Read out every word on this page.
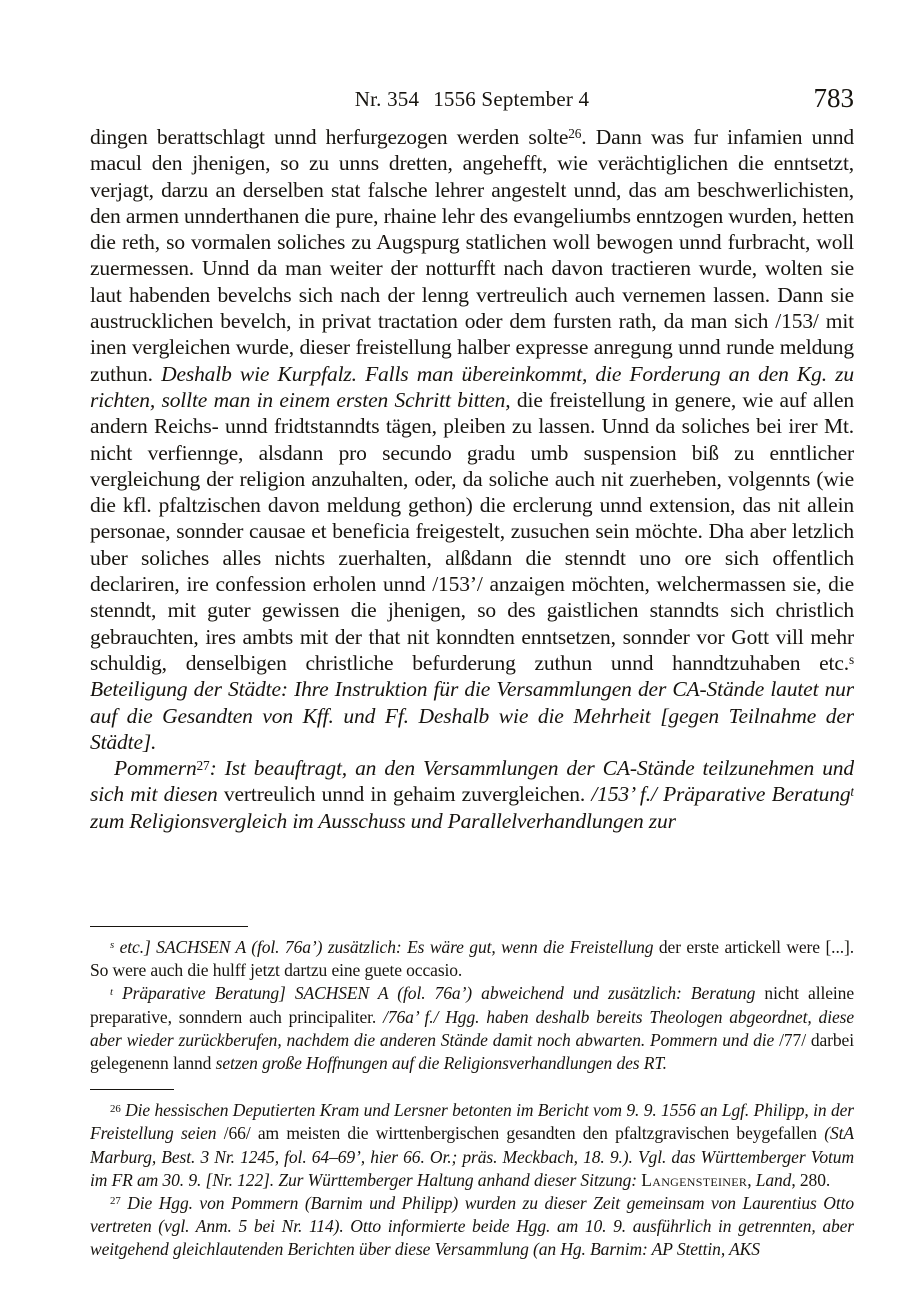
Nr. 354 1556 September 4	783

dingen berattschlagt unnd herfurgezogen werden solte$^{26}$. Dann was fur infamien unnd macul den jhenigen, so zu unns dretten, angehefft, wie verächtiglichen die enntsetzt, verjagt, darzu an derselben stat falsche lehrer angestelt unnd, das am beschwerlichisten, den armen unnderthanen die pure, rhaine lehr des evangeliumbs enntzogen wurden, hetten die reth, so vormalen soliches zu Augspurg statlichen woll bewogen unnd furbracht, woll zuermessen. Unnd da man weiter der notturfft nach davon tractieren wurde, wolten sie laut habenden bevelchs sich nach der lenng vertreulich auch vernemen lassen. Dann sie austrucklichen bevelch, in privat tractation oder dem fursten rath, da man sich /153/ mit inen vergleichen wurde, dieser freistellung halber expresse anregung unnd runde meldung zuthun. Deshalb wie Kurpfalz. Falls man übereinkommt, die Forderung an den Kg. zu richten, sollte man in einem ersten Schritt bitten, die freistellung in genere, wie auf allen andern Reichs- unnd fridtstanndts tägen, pleiben zu lassen. Unnd da soliches bei irer Mt. nicht verfiennge, alsdann pro secundo gradu umb suspension biß zu enntlicher vergleichung der religion anzuhalten, oder, da soliche auch nit zuerheben, volgennts (wie die kfl. pfaltzischen davon meldung gethon) die erclerung unnd extension, das nit allein personae, sonnder causae et beneficia freigestelt, zusuchen sein möchte. Dha aber letzlich uber soliches alles nichts zuerhalten, alßdann die stenndt uno ore sich offentlich declariren, ire confession erholen unnd /153’/ anzaigen möchten, welchermassen sie, die stenndt, mit guter gewissen die jhenigen, so des gaistlichen stanndts sich christlich gebrauchten, ires ambts mit der that nit konndten enntsetzen, sonnder vor Gott vill mehr schuldig, denselbigen christliche befurderung zuthun unnd hanndtzuhaben etc.$^s$ Beteiligung der Städte: Ihre Instruktion für die Versammlungen der CA-Stände lautet nur auf die Gesandten von Kff. und Ff. Deshalb wie die Mehrheit [gegen Teilnahme der Städte].

Pommern$^{27}$: Ist beauftragt, an den Versammlungen der CA-Stände teilzunehmen und sich mit diesen vertreulich unnd in gehaim zuvergleichen. /153’ f./ Präparative Beratung$^t$ zum Religionsvergleich im Ausschuss und Parallelverhandlungen zur

$^s$ etc.] SACHSEN A (fol. 76a’) zusätzlich: Es wäre gut, wenn die Freistellung der erste artickell were [...]. So were auch die hulff jetzt dartzu eine guete occasio.

$^t$ Präparative Beratung] SACHSEN A (fol. 76a’) abweichend und zusätzlich: Beratung nicht alleine preparative, sonndern auch principaliter. /76a’ f./ Hgg. haben deshalb bereits Theologen abgeordnet, diese aber wieder zurückberufen, nachdem die anderen Stände damit noch abwarten. Pommern und die /77/ darbei gelegenenn lannd setzen große Hoffnungen auf die Religionsverhandlungen des RT.

$^{26}$ Die hessischen Deputierten Kram und Lersner betonten im Bericht vom 9. 9. 1556 an Lgf. Philipp, in der Freistellung seien /66/ am meisten die wirttenbergischen gesandten den pfaltzgravischen beygefallen (StA Marburg, Best. 3 Nr. 1245, fol. 64–69’, hier 66. Or.; präs. Meckbach, 18. 9.). Vgl. das Württemberger Votum im FR am 30. 9. [Nr. 122]. Zur Württemberger Haltung anhand dieser Sitzung: Langensteiner, Land, 280.

$^{27}$ Die Hgg. von Pommern (Barnim und Philipp) wurden zu dieser Zeit gemeinsam von Laurentius Otto vertreten (vgl. Anm. 5 bei Nr. 114). Otto informierte beide Hgg. am 10. 9. ausführlich in getrennten, aber weitgehend gleichlautenden Berichten über diese Versammlung (an Hg. Barnim: AP Stettin, AKS
